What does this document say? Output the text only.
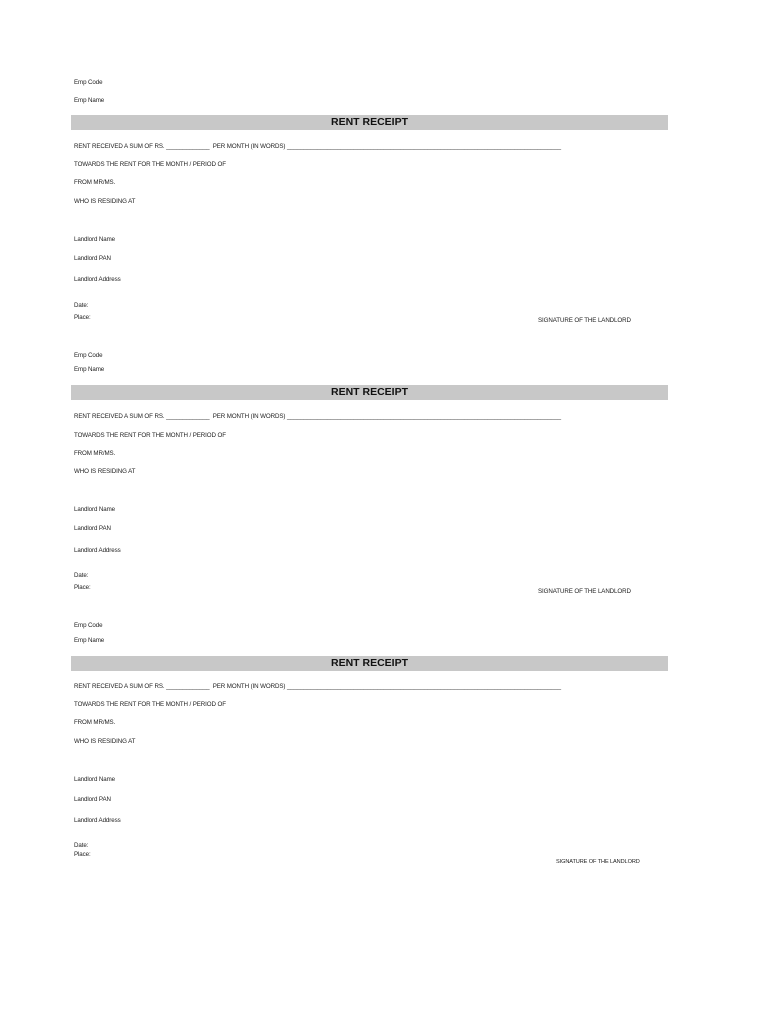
Emp Code
Emp Name
RENT RECEIPT
RENT RECEIVED A SUM OF RS. _____________  PER MONTH (IN WORDS) __________________________________________________________________________________
TOWARDS THE RENT FOR THE MONTH / PERIOD OF
FROM MR/MS.
WHO IS RESIDING AT
Landlord Name
Landlord PAN
Landlord Address
Date:
Place:	SIGNATURE OF THE LANDLORD
Emp Code
Emp Name
RENT RECEIPT
RENT RECEIVED A SUM OF RS. _____________  PER MONTH (IN WORDS) __________________________________________________________________________________
TOWARDS THE RENT FOR THE MONTH / PERIOD OF
FROM MR/MS.
WHO IS RESIDING AT
Landlord Name
Landlord PAN
Landlord Address
Date:
Place:
SIGNATURE OF THE LANDLORD
Emp Code
Emp Name
RENT RECEIPT
RENT RECEIVED A SUM OF RS. _____________  PER MONTH (IN WORDS) __________________________________________________________________________________
TOWARDS THE RENT FOR THE MONTH / PERIOD OF
FROM MR/MS.
WHO IS RESIDING AT
Landlord Name
Landlord PAN
Landlord Address
Date:
Place:
SIGNATURE OF THE LANDLORD
